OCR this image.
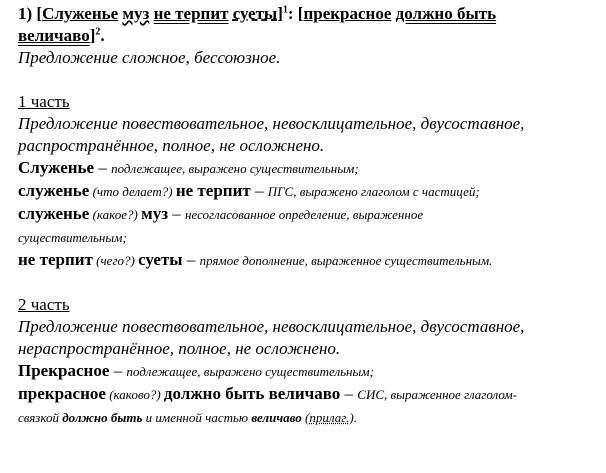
1) [Служенье муз не терпит суеты]$^1$: [прекрасное должно быть
величаво]$^2$.
Предложение сложное, бессоюзное.
1 часть
Предложение повествовательное, невосклицательное, двусоставное,
распространённое, полное, не осложнено.
Служенье – подлежащее, выражено существительным;
служенье (что делает?) не терпит – ПГС, выражено глаголом с частицей;
служенье (какое?) муз – несогласованное определение, выраженное
существительным;
не терпит (чего?) суеты – прямое дополнение, выраженное существительным.
2 часть
Предложение повествовательное, невосклицательное, двусоставное,
нераспространённое, полное, не осложнено.
Прекрасное – подлежащее, выражено существительным;
прекрасное (каково?) должно быть величаво – СИС, выраженное глаголом-
связкой должно быть и именной частью величаво (прилаг.).
